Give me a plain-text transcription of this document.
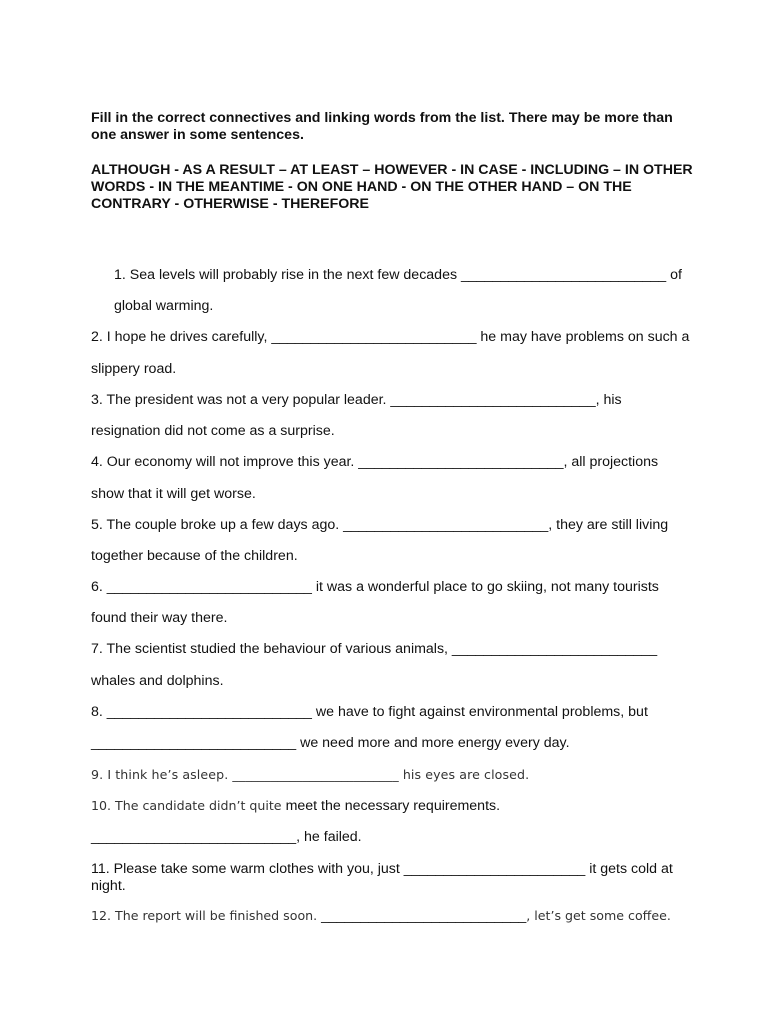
Fill in the correct connectives and linking words from the list. There may be more than one answer in some sentences.
ALTHOUGH - AS A RESULT – AT LEAST – HOWEVER - IN CASE - INCLUDING – IN OTHER WORDS - IN THE MEANTIME - ON ONE HAND - ON THE OTHER HAND – ON THE CONTRARY - OTHERWISE - THEREFORE
1. Sea levels will probably rise in the next few decades __________________________ of
global warming.
2. I hope he drives carefully, __________________________ he may have problems on such a
slippery road.
3. The president was not a very popular leader. __________________________, his
resignation did not come as a surprise.
4. Our economy will not improve this year. __________________________, all projections
show that it will get worse.
5. The couple broke up a few days ago. __________________________, they are still living
together because of the children.
6. __________________________ it was a wonderful place to go skiing, not many tourists
found their way there.
7. The scientist studied the behaviour of various animals, __________________________
whales and dolphins.
8. __________________________ we have to fight against environmental problems, but
__________________________ we need more and more energy every day.
9. I think he’s asleep. __________________________ his eyes are closed.
10. The candidate didn’t quite meet the necessary requirements.
__________________________, he failed.
11. Please take some warm clothes with you, just _______________________ it gets cold at
night.
12. The report will be finished soon. __________________________, let’s get some coffee.
